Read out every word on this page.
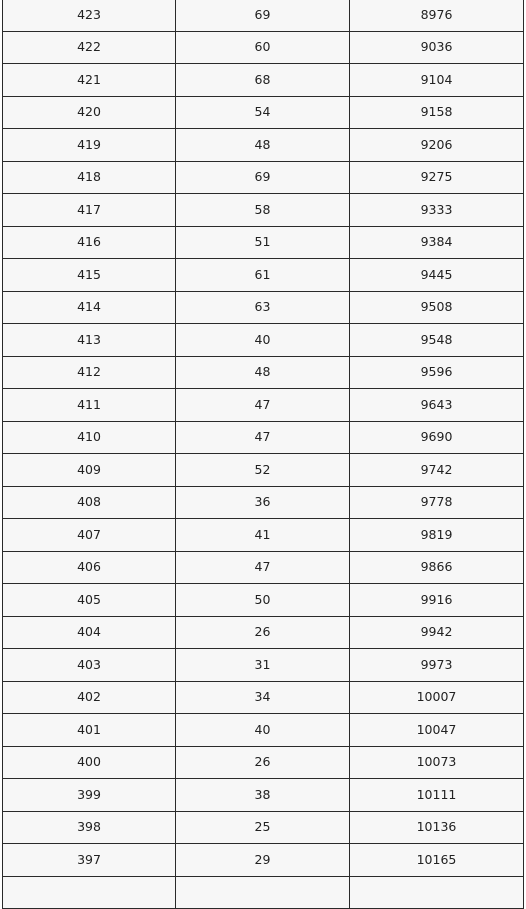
423	69	8976
422	60	9036
421	68	9104
420	54	9158
419	48	9206
418	69	9275
417	58	9333
416	51	9384
415	61	9445
414	63	9508
413	40	9548
412	48	9596
411	47	9643
410	47	9690
409	52	9742
408	36	9778
407	41	9819
406	47	9866
405	50	9916
404	26	9942
403	31	9973
402	34	10007
401	40	10047
400	26	10073
399	38	10111
398	25	10136
397	29	10165
